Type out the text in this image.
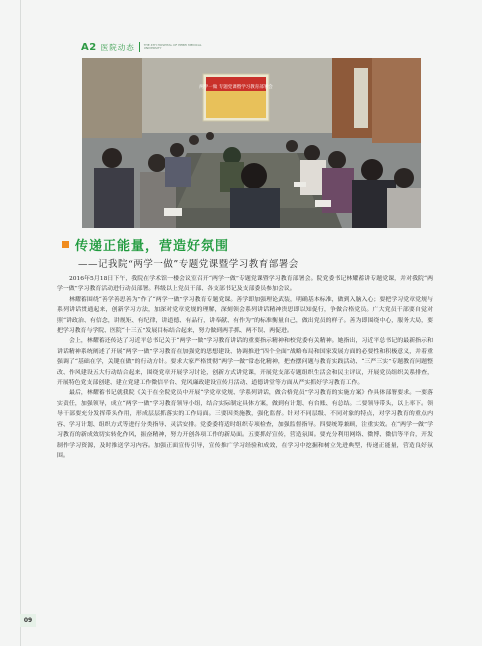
A2 医院动态	THE 4TH HOSPITAL OF HEBEI MEDICAL UNIVERSITY
两学一做 专题党课暨学习教育部署会
传递正能量，营造好氛围
——记我院“两学一做”专题党课暨学习教育部署会

2016年5月18日下午，我院在学术馆一楼会议室召开“两学一做”专题党课暨学习教育部署会。院党委书记林耀蓄讲专题党课，并对我院“两学一做”学习教育活动进行动员部署。科级以上党员干部、各支部书记及支部委员参加会议。

林耀蓄围绕“善学善思善为”作了“两学一做”学习教育专题党课。善学即加强理论武装，明确基本标准，做到入脑入心；要把学习党章党规与系列讲话贯通起来，创新学习方法，加深对党章党规的理解，深刻领会系列讲话精神贵思即以知促行，争做合格党员。广大党员干部要自觉对照“讲政治、有信念，讲规矩、有纪律，讲道德、有品行，讲奉献、有作为”的标准衡量自己，做出党员的样子。善为即围绕中心，服务大局，要把学习教育与学院、医院“十三五”发展目标结合起来，努力做到两手抓、两不误、两促进。

会上，林耀蓄还传达了习近平总书记关于“两学一做”学习教育讲话的重要指示精神和校党委有关精神。她指出，习近平总书记的最新指示和讲话精神系统阐述了开展“两学一做”学习教育在加强党的思想建设、协调推进“四个全面”战略布局和国家发展方面的必要性和积极意义，并着重强调了“基础在学，关键在做”的行动方针。要求大家严格贯彻“两学一做”常态化精神，把查摆问题与教育实践活动、“三严三实”专题教育问题整改、作风建设五大行动结合起来，围绕党章开展学习讨论，创新方式讲党课，开展党支部专题组织生活会和民主评议，开展党员组织关系排查，开展特色党支部创建、建立党建工作微信平台、党风廉政建设宣传月活动、道德讲堂等方面从严实抓好学习教育工作。

最后，林耀蓄书记就我院《关于在全院党员中开展“学党章党规、学系列讲话，做合格党员”学习教育的实施方案》作具体部署要求。一要落实责任，加强领导，成立“两学一做”学习教育领导小组，结合实际制定具体方案，做到有计划、有台账、有总结。二要领导带头，以上率下。领导干部要充分发挥带头作用，形成层层抓落实的工作局面。三要因类施教，强化监督。针对不同层级、不同对象的特点，对学习教育的重点内容、学习计划、组织方式等进行分类指导、灵活安排。党委委将适时组织专项检查，加强监督指导。四要统筹兼顾，注重实效。在“两学一做”学习教育的新成效切实转化作风，振奋精神，努力开创各项工作的新局面。五要抓好宣传，营造氛围。要充分利用网络、微博、微信等平台，开发制作学习资源，及时推送学习内容。加强正面宣传引导，宣传推广学习经验和成效，在学习中挖掘和树立先进典型，传递正能量，营造良好氛围。

09
